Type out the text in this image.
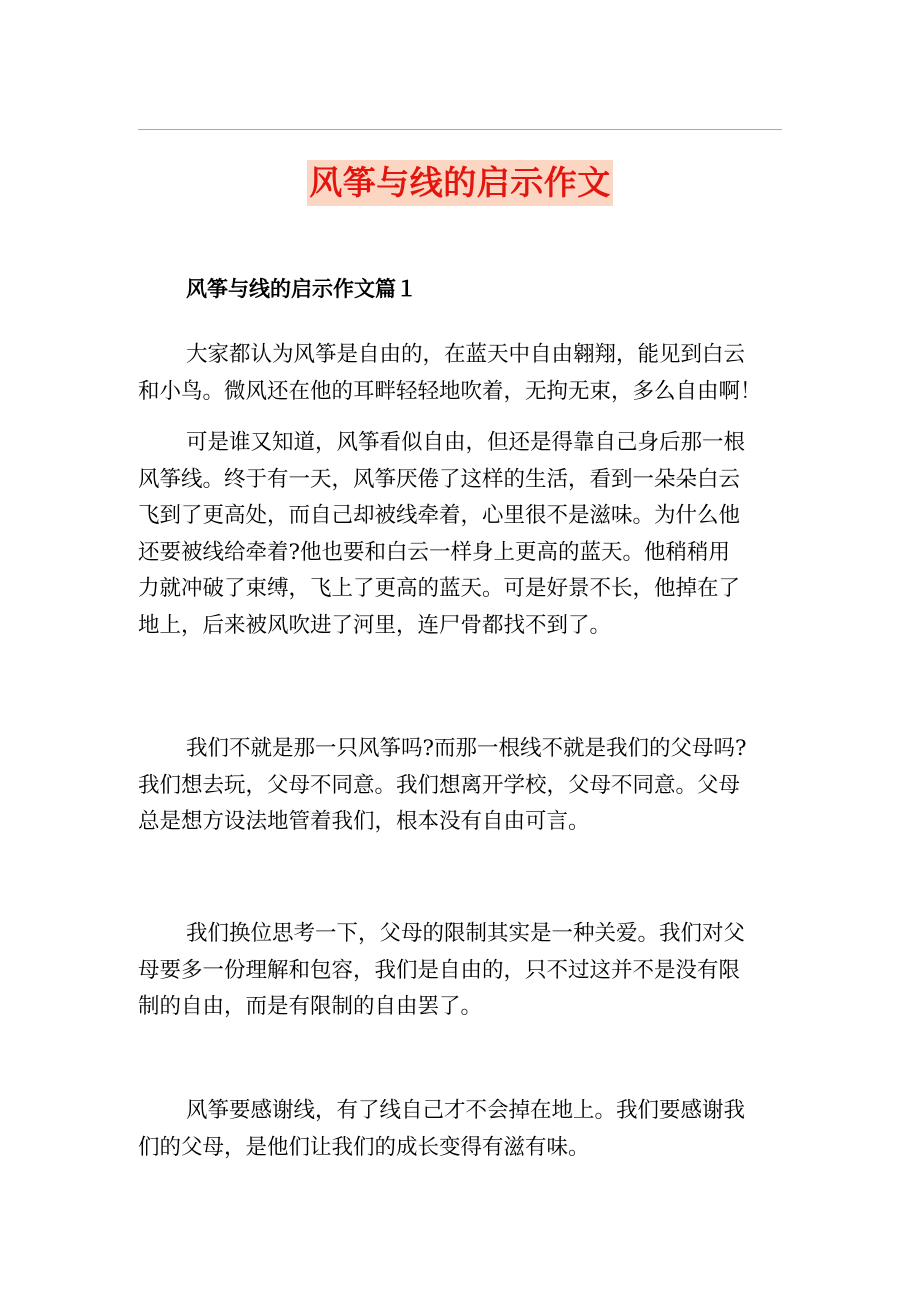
风筝与线的启示作文
风筝与线的启示作文篇１

大家都认为风筝是自由的，在蓝天中自由翱翔，能见到白云
和小鸟。微风还在他的耳畔轻轻地吹着，无拘无束，多么自由啊！

可是谁又知道，风筝看似自由，但还是得靠自己身后那一根
风筝线。终于有一天，风筝厌倦了这样的生活，看到一朵朵白云
飞到了更高处，而自己却被线牵着，心里很不是滋味。为什么他
还要被线给牵着?他也要和白云一样身上更高的蓝天。他稍稍用
力就冲破了束缚，飞上了更高的蓝天。可是好景不长，他掉在了
地上，后来被风吹进了河里，连尸骨都找不到了。

我们不就是那一只风筝吗?而那一根线不就是我们的父母吗?
我们想去玩，父母不同意。我们想离开学校，父母不同意。父母
总是想方设法地管着我们，根本没有自由可言。

我们换位思考一下，父母的限制其实是一种关爱。我们对父
母要多一份理解和包容，我们是自由的，只不过这并不是没有限
制的自由，而是有限制的自由罢了。

风筝要感谢线，有了线自己才不会掉在地上。我们要感谢我
们的父母，是他们让我们的成长变得有滋有味。
